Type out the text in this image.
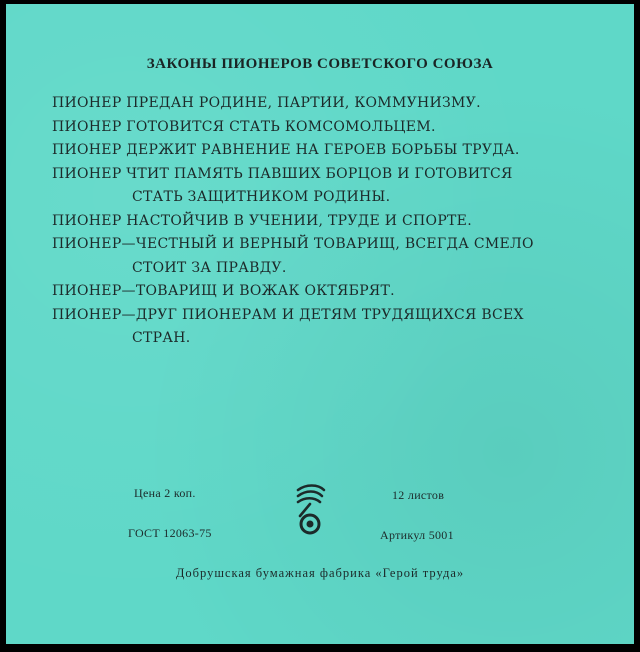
ЗАКОНЫ ПИОНЕРОВ СОВЕТСКОГО СОЮЗА
ПИОНЕР ПРЕДАН РОДИНЕ, ПАРТИИ, КОММУНИЗМУ.
ПИОНЕР ГОТОВИТСЯ СТАТЬ КОМСОМОЛЬЦЕМ.
ПИОНЕР ДЕРЖИТ РАВНЕНИЕ НА ГЕРОЕВ БОРЬБЫ ТРУДА.
ПИОНЕР ЧТИТ ПАМЯТЬ ПАВШИХ БОРЦОВ И ГОТОВИТСЯ
СТАТЬ ЗАЩИТНИКОМ РОДИНЫ.
ПИОНЕР НАСТОЙЧИВ В УЧЕНИИ, ТРУДЕ И СПОРТЕ.
ПИОНЕР—ЧЕСТНЫЙ И ВЕРНЫЙ ТОВАРИЩ, ВСЕГДА СМЕЛО
СТОИТ ЗА ПРАВДУ.
ПИОНЕР—ТОВАРИЩ И ВОЖАК ОКТЯБРЯТ.
ПИОНЕР—ДРУГ ПИОНЕРАМ И ДЕТЯМ ТРУДЯЩИХСЯ ВСЕХ
СТРАН.
Цена 2 коп.
ГОСТ 12063-75
12 листов
Артикул 5001
Добрушская бумажная фабрика «Герой труда»
